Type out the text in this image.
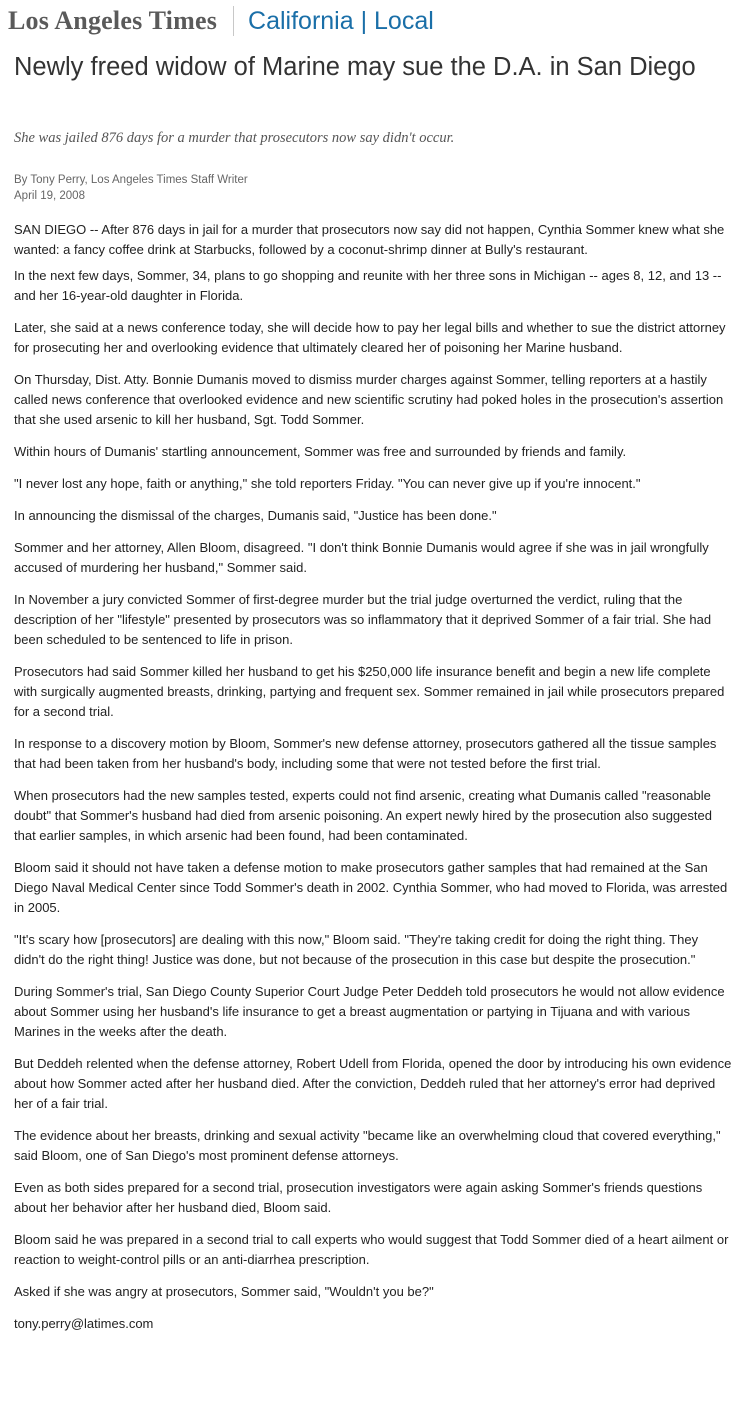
Los Angeles Times California | Local
Newly freed widow of Marine may sue the D.A. in San Diego
She was jailed 876 days for a murder that prosecutors now say didn't occur.
By Tony Perry, Los Angeles Times Staff Writer
April 19, 2008

SAN DIEGO -- After 876 days in jail for a murder that prosecutors now say did not happen, Cynthia Sommer knew what she wanted: a fancy coffee drink at Starbucks, followed by a coconut-shrimp dinner at Bully's restaurant.

In the next few days, Sommer, 34, plans to go shopping and reunite with her three sons in Michigan -- ages 8, 12, and 13 -- and her 16-year-old daughter in Florida.

Later, she said at a news conference today, she will decide how to pay her legal bills and whether to sue the district attorney for prosecuting her and overlooking evidence that ultimately cleared her of poisoning her Marine husband.

On Thursday, Dist. Atty. Bonnie Dumanis moved to dismiss murder charges against Sommer, telling reporters at a hastily called news conference that overlooked evidence and new scientific scrutiny had poked holes in the prosecution's assertion that she used arsenic to kill her husband, Sgt. Todd Sommer.

Within hours of Dumanis' startling announcement, Sommer was free and surrounded by friends and family.

"I never lost any hope, faith or anything," she told reporters Friday. "You can never give up if you're innocent."

In announcing the dismissal of the charges, Dumanis said, "Justice has been done."

Sommer and her attorney, Allen Bloom, disagreed. "I don't think Bonnie Dumanis would agree if she was in jail wrongfully accused of murdering her husband," Sommer said.

In November a jury convicted Sommer of first-degree murder but the trial judge overturned the verdict, ruling that the description of her "lifestyle" presented by prosecutors was so inflammatory that it deprived Sommer of a fair trial. She had been scheduled to be sentenced to life in prison.

Prosecutors had said Sommer killed her husband to get his $250,000 life insurance benefit and begin a new life complete with surgically augmented breasts, drinking, partying and frequent sex. Sommer remained in jail while prosecutors prepared for a second trial.

In response to a discovery motion by Bloom, Sommer's new defense attorney, prosecutors gathered all the tissue samples that had been taken from her husband's body, including some that were not tested before the first trial.

When prosecutors had the new samples tested, experts could not find arsenic, creating what Dumanis called "reasonable doubt" that Sommer's husband had died from arsenic poisoning. An expert newly hired by the prosecution also suggested that earlier samples, in which arsenic had been found, had been contaminated.

Bloom said it should not have taken a defense motion to make prosecutors gather samples that had remained at the San Diego Naval Medical Center since Todd Sommer's death in 2002. Cynthia Sommer, who had moved to Florida, was arrested in 2005.

"It's scary how [prosecutors] are dealing with this now," Bloom said. "They're taking credit for doing the right thing. They didn't do the right thing! Justice was done, but not because of the prosecution in this case but despite the prosecution."

During Sommer's trial, San Diego County Superior Court Judge Peter Deddeh told prosecutors he would not allow evidence about Sommer using her husband's life insurance to get a breast augmentation or partying in Tijuana and with various Marines in the weeks after the death.

But Deddeh relented when the defense attorney, Robert Udell from Florida, opened the door by introducing his own evidence about how Sommer acted after her husband died. After the conviction, Deddeh ruled that her attorney's error had deprived her of a fair trial.

The evidence about her breasts, drinking and sexual activity "became like an overwhelming cloud that covered everything," said Bloom, one of San Diego's most prominent defense attorneys.

Even as both sides prepared for a second trial, prosecution investigators were again asking Sommer's friends questions about her behavior after her husband died, Bloom said.

Bloom said he was prepared in a second trial to call experts who would suggest that Todd Sommer died of a heart ailment or reaction to weight-control pills or an anti-diarrhea prescription.

Asked if she was angry at prosecutors, Sommer said, "Wouldn't you be?"

tony.perry@latimes.com
